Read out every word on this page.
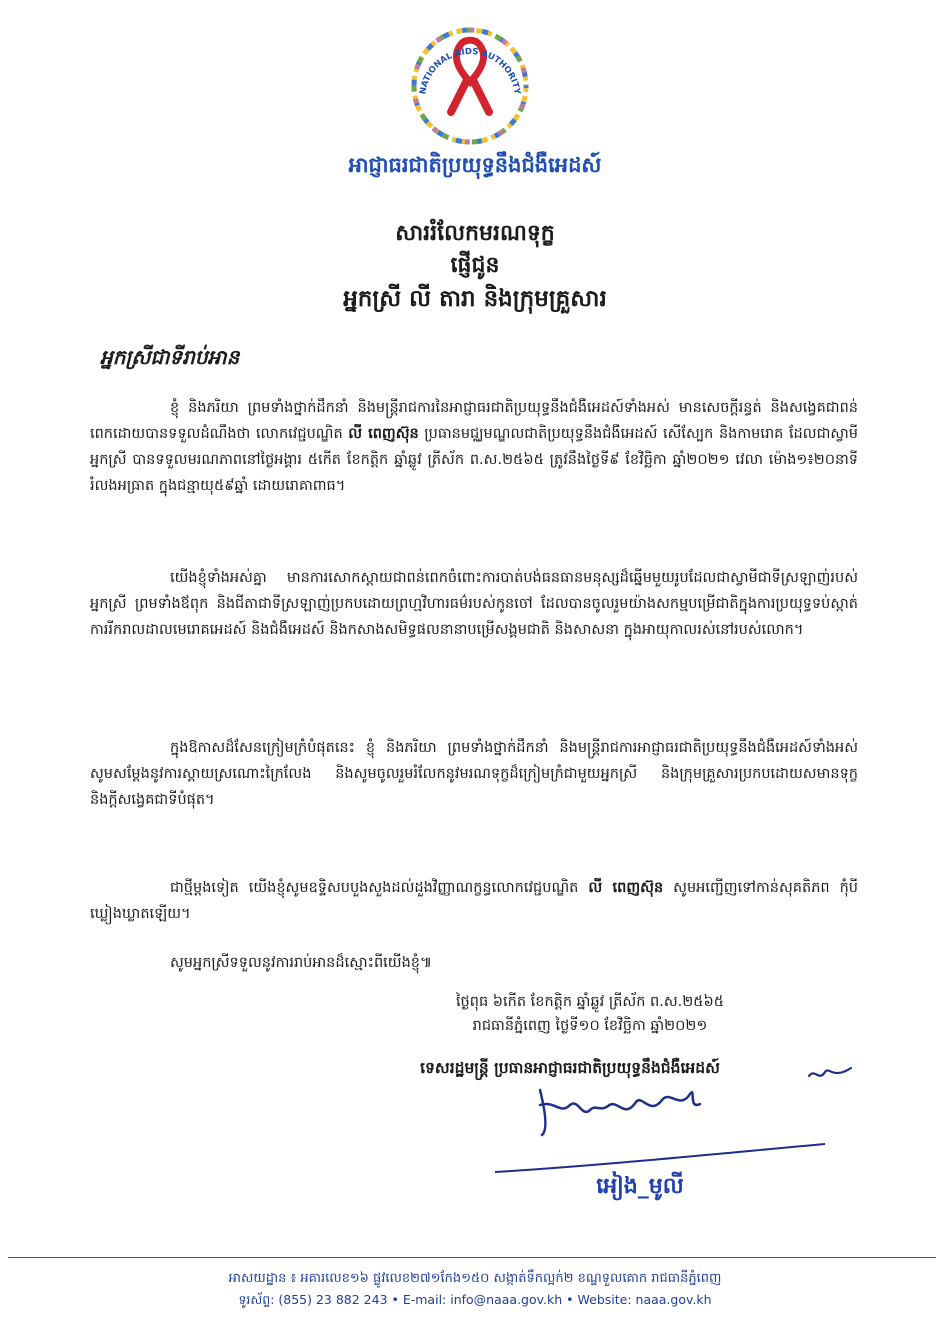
NATIONAL AIDS AUTHORITY
អាជ្ញាធរជាតិប្រយុទ្ធនឹងជំងឺអេដស៍
សាររំលែកមរណទុក្ខ
ផ្ញើជូន
អ្នកស្រី លី តារា និងក្រុមគ្រួសារ
អ្នកស្រីជាទីរាប់អាន
ខ្ញុំ និងភរិយា ព្រមទាំងថ្នាក់ដឹកនាំ និងមន្រ្តីរាជការនៃអាជ្ញាធរជាតិប្រយុទ្ធនឹងជំងឺអេដស៍ទាំងអស់ មានសេចក្តីរន្ធត់ និងសង្វេគជាពន់ពេកដោយបានទទួលដំណឹងថា លោកវេជ្ជបណ្ឌិត លី ពេញស៊ុន ប្រធានមជ្ឈមណ្ឌលជាតិប្រយុទ្ធនឹងជំងឺអេដស៍ សើស្បែក និងកាមរោគ ដែលជាស្វាមីអ្នកស្រី បានទទួលមរណភាពនៅថ្ងៃអង្គារ ៥កើត ខែកត្តិក ឆ្នាំឆ្លូវ ត្រីស័ក ព.ស.២៥៦៥ ត្រូវនឹងថ្ងៃទី៩ ខែវិច្ឆិកា ឆ្នាំ២០២១ វេលា ម៉ោង១៖២០នាទីរំលងអធ្រាត ក្នុងជន្មាយុ៥៩ឆ្នាំ ដោយរោគាពាធ។
យើងខ្ញុំទាំងអស់គ្នា មានការសោកស្តាយជាពន់ពេកចំពោះការបាត់បង់ធនធានមនុស្សដ៏ឆ្នើមមួយរូបដែលជាស្វាមីជាទីស្រឡាញ់របស់អ្នកស្រី ព្រមទាំងឪពុក និងជីតាជាទីស្រឡាញ់ប្រកបដោយព្រហ្មវិហារធម៌របស់កូនចៅ ដែលបានចូលរួមយ៉ាងសកម្មបម្រើជាតិក្នុងការប្រយុទ្ធទប់ស្កាត់ការរីករាលដាលមេរោគអេដស៍ និងជំងឺអេដស៍ និងកសាងសមិទ្ធផលនានាបម្រើសង្គមជាតិ និងសាសនា ក្នុងអាយុកាលរស់នៅរបស់លោក។
ក្នុងឱកាសដ៏សែនក្រៀមក្រំបំផុតនេះ ខ្ញុំ និងភរិយា ព្រមទាំងថ្នាក់ដឹកនាំ និងមន្រ្តីរាជការអាជ្ញាធរជាតិប្រយុទ្ធនឹងជំងឺអេដស៍ទាំងអស់ សូមសម្តែងនូវការស្តាយស្រណោះក្រៃលែង និងសូមចូលរួមរំលែកនូវមរណទុក្ខដ៏ក្រៀមក្រំជាមួយអ្នកស្រី និងក្រុមគ្រួសារប្រកបដោយសមានទុក្ខ និងក្តីសង្វេគជាទីបំផុត។
ជាថ្មីម្តងទៀត យើងខ្ញុំសូមឧទ្ទិសបបួងសួងដល់ដួងវិញ្ញាណក្ខន្ធលោកវេជ្ជបណ្ឌិត លី ពេញស៊ុន សូមអញ្ជើញទៅកាន់សុគតិភព កុំបីឃ្លៀងឃ្លាតឡើយ។
សូមអ្នកស្រីទទួលនូវការរាប់អានដ៏ស្មោះពីយើងខ្ញុំ៕
ថ្ងៃពុធ ៦កើត ខែកត្តិក ឆ្នាំឆ្លូវ ត្រីស័ក ព.ស.២៥៦៥
រាជធានីភ្នំពេញ ថ្ងៃទី១០ ខែវិច្ឆិកា ឆ្នាំ២០២១
ទេសរដ្ឋមន្រ្តី ប្រធានអាជ្ញាធរជាតិប្រយុទ្ធនឹងជំងឺអេដស៍
អៀង_មូលី
អាសយដ្ឋាន ៖ អគារលេខ១៦ ផ្លូវលេខ២៧១កែង១៥០ សង្កាត់ទឹកល្អក់២ ខណ្ឌទួលគោក រាជធានីភ្នំពេញ
ទូរស័ព្ទ: (855) 23 882 243 • E-mail: info@naaa.gov.kh • Website: naaa.gov.kh
